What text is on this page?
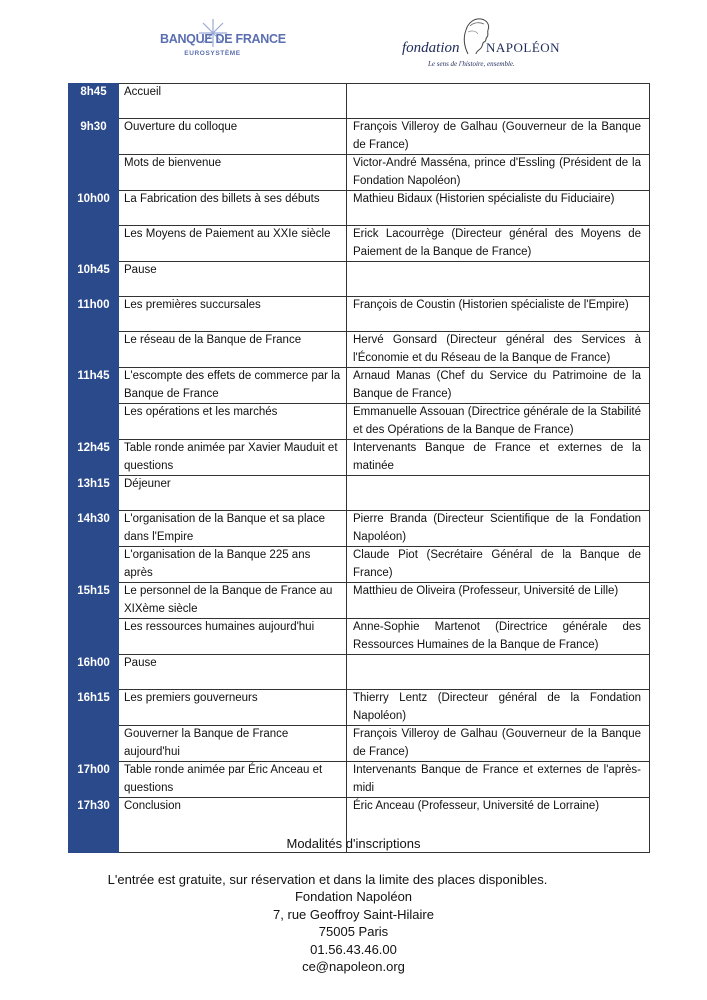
BANQUE DE FRANCE
EUROSYSTÈME	fondation NAPOLÉON
Le sens de l'histoire, ensemble.
8h45	Accueil	
9h30	Ouverture du colloque	François Villeroy de Galhau (Gouverneur de la Banque de France)
	Mots de bienvenue	Victor-André Masséna, prince d'Essling (Président de la Fondation Napoléon)
10h00	La Fabrication des billets à ses débuts	Mathieu Bidaux (Historien spécialiste du Fiduciaire)
	Les Moyens de Paiement au XXIe siècle	Erick Lacourrège (Directeur général des Moyens de Paiement de la Banque de France)
10h45	Pause	
11h00	Les premières succursales	François de Coustin (Historien spécialiste de l'Empire)
	Le réseau de la Banque de France	Hervé Gonsard (Directeur général des Services à l'Économie et du Réseau de la Banque de France)
11h45	L'escompte des effets de commerce par la Banque de France	Arnaud Manas (Chef du Service du Patrimoine de la Banque de France)
	Les opérations et les marchés	Emmanuelle Assouan (Directrice générale de la Stabilité et des Opérations de la Banque de France)
12h45	Table ronde animée par Xavier Mauduit et questions	Intervenants Banque de France et externes de la matinée
13h15	Déjeuner	
14h30	L'organisation de la Banque et sa place dans l'Empire	Pierre Branda (Directeur Scientifique de la Fondation Napoléon)
	L'organisation de la Banque 225 ans après	Claude Piot (Secrétaire Général de la Banque de France)
15h15	Le personnel de la Banque de France au XIXème siècle	Matthieu de Oliveira (Professeur, Université de Lille)
	Les ressources humaines aujourd'hui	Anne-Sophie Martenot (Directrice générale des Ressources Humaines de la Banque de France)
16h00	Pause	
16h15	Les premiers gouverneurs	Thierry Lentz (Directeur général de la Fondation Napoléon)
	Gouverner la Banque de France aujourd'hui	François Villeroy de Galhau (Gouverneur de la Banque de France)
17h00	Table ronde animée par Éric Anceau et questions	Intervenants Banque de France et externes de l'après-midi
17h30	Conclusion	Éric Anceau (Professeur, Université de Lorraine)
Modalités d'inscriptions
L'entrée est gratuite, sur réservation et dans la limite des places disponibles.
Fondation Napoléon
7, rue Geoffroy Saint-Hilaire
75005 Paris
01.56.43.46.00
ce@napoleon.org
